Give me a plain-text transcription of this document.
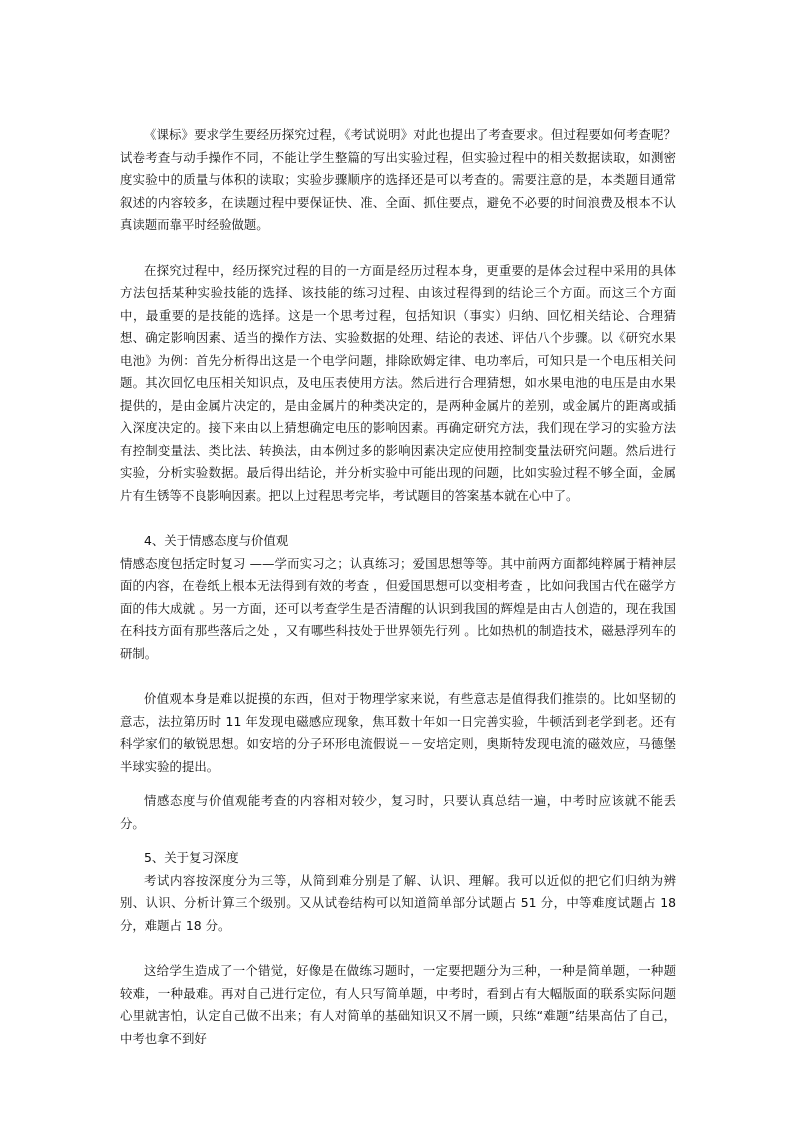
《课标》要求学生要经历探究过程，《考试说明》对此也提出了考查要求。但过程要如何考查呢？试卷考查与动手操作不同，不能让学生整篇的写出实验过程，但实验过程中的相关数据读取，如测密度实验中的质量与体积的读取；实验步骤顺序的选择还是可以考查的。需要注意的是，本类题目通常叙述的内容较多，在读题过程中要保证快、准、全面、抓住要点，避免不必要的时间浪费及根本不认真读题而靠平时经验做题。

在探究过程中，经历探究过程的目的一方面是经历过程本身，更重要的是体会过程中采用的具体方法包括某种实验技能的选择、该技能的练习过程、由该过程得到的结论三个方面。而这三个方面中，最重要的是技能的选择。这是一个思考过程，包括知识（事实）归纳、回忆相关结论、合理猜想、确定影响因素、适当的操作方法、实验数据的处理、结论的表述、评估八个步骤。以《研究水果电池》为例：首先分析得出这是一个电学问题，排除欧姆定律、电功率后，可知只是一个电压相关问题。其次回忆电压相关知识点，及电压表使用方法。然后进行合理猜想，如水果电池的电压是由水果提供的，是由金属片决定的，是由金属片的种类决定的，是两种金属片的差别，或金属片的距离或插入深度决定的。接下来由以上猜想确定电压的影响因素。再确定研究方法，我们现在学习的实验方法有控制变量法、类比法、转换法，由本例过多的影响因素决定应使用控制变量法研究问题。然后进行实验，分析实验数据。最后得出结论，并分析实验中可能出现的问题，比如实验过程不够全面，金属片有生锈等不良影响因素。把以上过程思考完毕，考试题目的答案基本就在心中了。

4、关于情感态度与价值观

情感态度包括定时复习 ——学而实习之；认真练习；爱国思想等等。其中前两方面都纯粹属于精神层面的内容，在卷纸上根本无法得到有效的考查 ，但爱国思想可以变相考查 ，比如问我国古代在磁学方面的伟大成就 。另一方面，还可以考查学生是否清醒的认识到我国的辉煌是由古人创造的，现在我国在科技方面有那些落后之处 ，又有哪些科技处于世界领先行列 。比如热机的制造技术，磁悬浮列车的研制。

价值观本身是难以捉摸的东西，但对于物理学家来说，有些意志是值得我们推崇的。比如坚韧的意志，法拉第历时 11 年发现电磁感应现象，焦耳数十年如一日完善实验，牛顿活到老学到老。还有科学家们的敏锐思想。如安培的分子环形电流假说－－安培定则，奥斯特发现电流的磁效应，马德堡半球实验的提出。

情感态度与价值观能考查的内容相对较少，复习时，只要认真总结一遍，中考时应该就不能丢分。

5、关于复习深度

考试内容按深度分为三等，从简到难分别是了解、认识、理解。我可以近似的把它们归纳为辨别、认识、分析计算三个级别。又从试卷结构可以知道简单部分试题占 51 分，中等难度试题占 18 分，难题占 18 分。

这给学生造成了一个错觉，好像是在做练习题时，一定要把题分为三种，一种是简单题，一种题较难，一种最难。再对自己进行定位，有人只写简单题，中考时，看到占有大幅版面的联系实际问题心里就害怕，认定自己做不出来；有人对简单的基础知识又不屑一顾，只练“难题”结果高估了自己，中考也拿不到好
